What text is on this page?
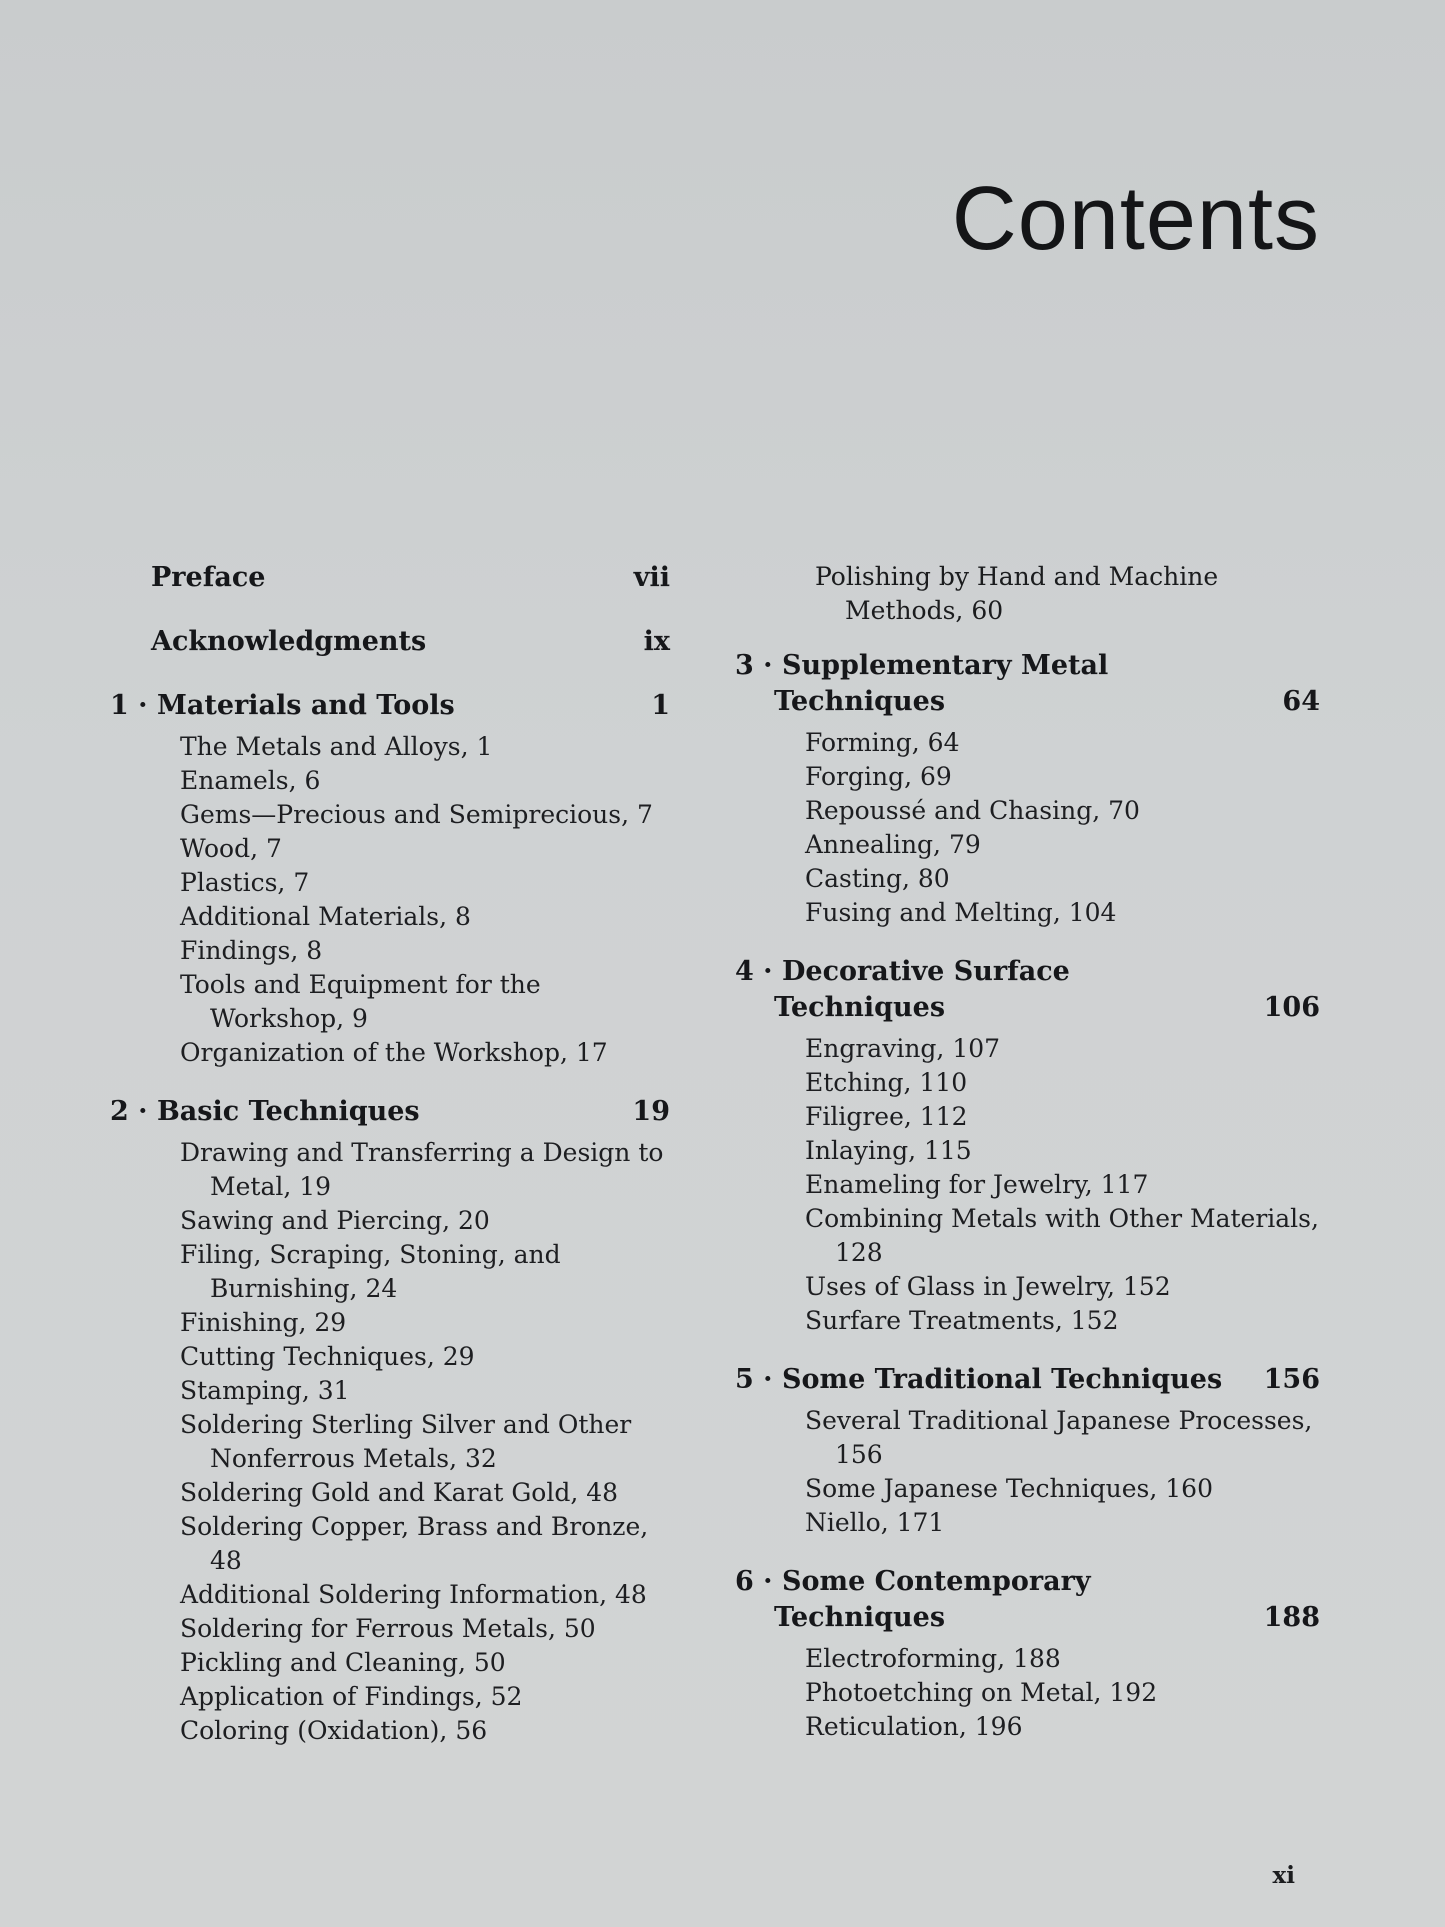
Contents
Preface	vii
Acknowledgments	ix
1 · Materials and Tools	1
The Metals and Alloys, 1
Enamels, 6
Gems—Precious and Semiprecious, 7
Wood, 7
Plastics, 7
Additional Materials, 8
Findings, 8
Tools and Equipment for the Workshop, 9
Organization of the Workshop, 17
2 · Basic Techniques	19
Drawing and Transferring a Design to Metal, 19
Sawing and Piercing, 20
Filing, Scraping, Stoning, and Burnishing, 24
Finishing, 29
Cutting Techniques, 29
Stamping, 31
Soldering Sterling Silver and Other Nonferrous Metals, 32
Soldering Gold and Karat Gold, 48
Soldering Copper, Brass and Bronze, 48
Additional Soldering Information, 48
Soldering for Ferrous Metals, 50
Pickling and Cleaning, 50
Application of Findings, 52
Coloring (Oxidation), 56
Polishing by Hand and Machine Methods, 60
3 · Supplementary Metal Techniques	64
Forming, 64
Forging, 69
Repoussé and Chasing, 70
Annealing, 79
Casting, 80
Fusing and Melting, 104
4 · Decorative Surface Techniques	106
Engraving, 107
Etching, 110
Filigree, 112
Inlaying, 115
Enameling for Jewelry, 117
Combining Metals with Other Materials, 128
Uses of Glass in Jewelry, 152
Surfare Treatments, 152
5 · Some Traditional Techniques	156
Several Traditional Japanese Processes, 156
Some Japanese Techniques, 160
Niello, 171
6 · Some Contemporary Techniques	188
Electroforming, 188
Photoetching on Metal, 192
Reticulation, 196
xi
